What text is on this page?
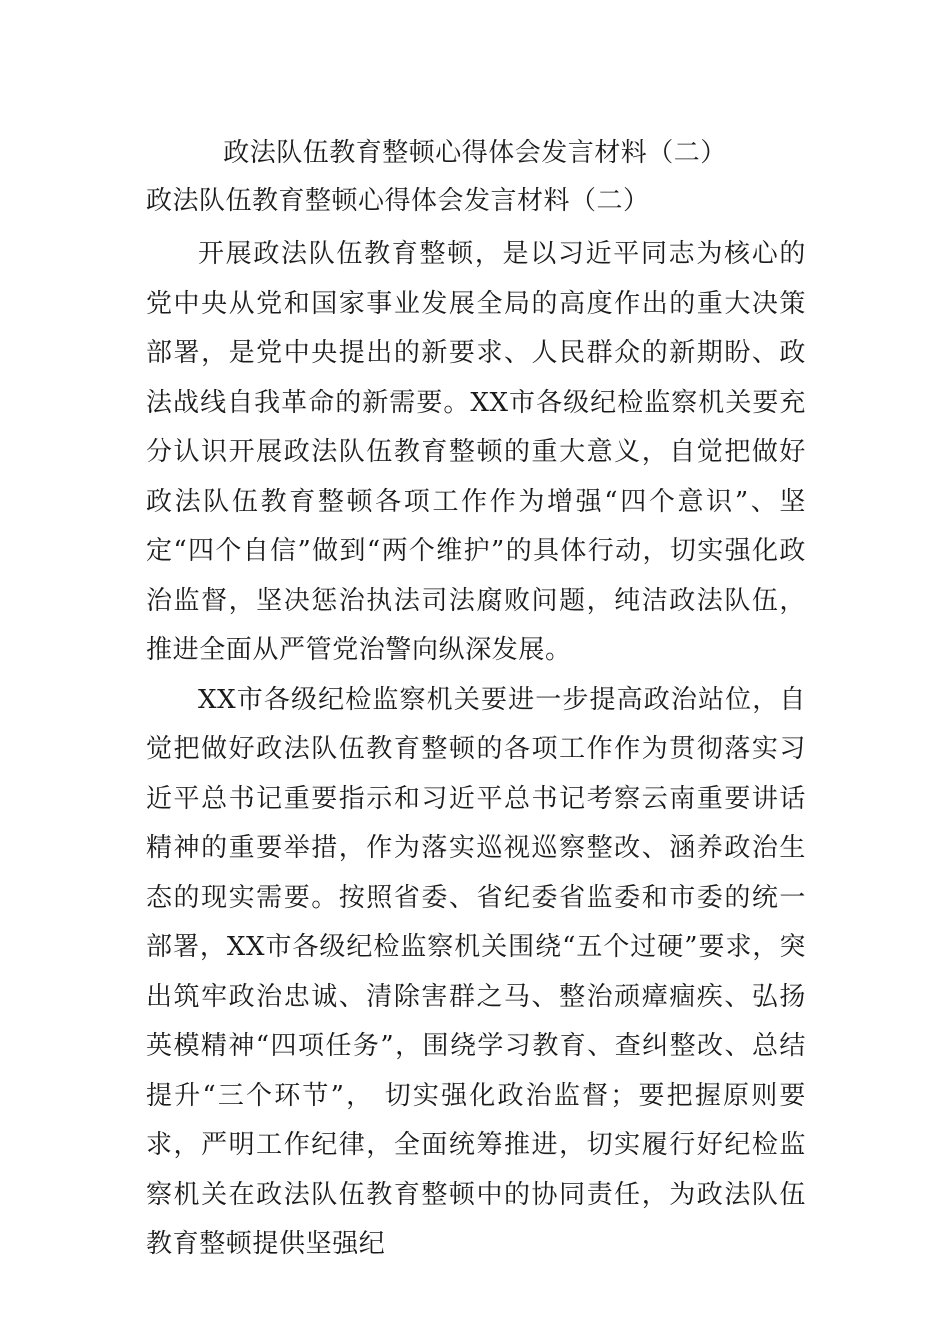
政法队伍教育整顿心得体会发言材料（二）
政法队伍教育整顿心得体会发言材料（二）

开展政法队伍教育整顿，是以习近平同志为核心的党中央从党和国家事业发展全局的高度作出的重大决策部署，是党中央提出的新要求、人民群众的新期盼、政法战线自我革命的新需要。XX市各级纪检监察机关要充分认识开展政法队伍教育整顿的重大意义，自觉把做好政法队伍教育整顿各项工作作为增强“四个意识”、坚定“四个自信”做到“两个维护”的具体行动，切实强化政治监督，坚决惩治执法司法腐败问题，纯洁政法队伍，推进全面从严管党治警向纵深发展。

XX市各级纪检监察机关要进一步提高政治站位，自觉把做好政法队伍教育整顿的各项工作作为贯彻落实习近平总书记重要指示和习近平总书记考察云南重要讲话精神的重要举措，作为落实巡视巡察整改、涵养政治生态的现实需要。按照省委、省纪委省监委和市委的统一部署，XX市各级纪检监察机关围绕“五个过硬”要求，突出筑牢政治忠诚、清除害群之马、整治顽瘴痼疾、弘扬英模精神“四项任务”，围绕学习教育、查纠整改、总结提升“三个环节”， 切实强化政治监督；要把握原则要求，严明工作纪律，全面统筹推进，切实履行好纪检监察机关在政法队伍教育整顿中的协同责任，为政法队伍教育整顿提供坚强纪
